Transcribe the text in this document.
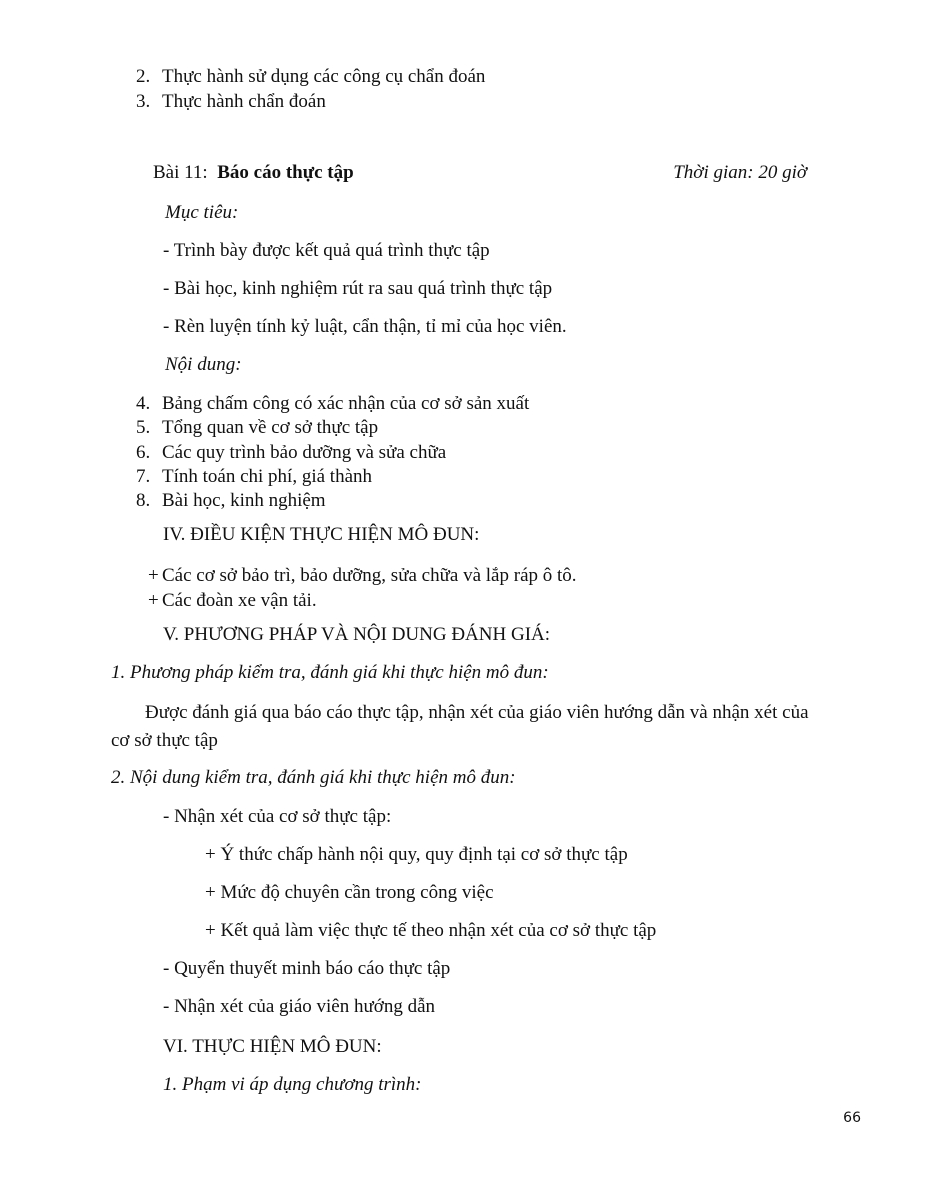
2. Thực hành sử dụng các công cụ chẩn đoán
3. Thực hành chẩn đoán
Bài 11: Báo cáo thực tập	Thời gian: 20 giờ
Mục tiêu:
- Trình bày được kết quả quá trình thực tập
- Bài học, kinh nghiệm rút ra sau quá trình thực tập
- Rèn luyện tính kỷ luật, cẩn thận, tỉ mỉ của học viên.
Nội dung:
4. Bảng chấm công có xác nhận của cơ sở sản xuất
5. Tổng quan về cơ sở thực tập
6. Các quy trình bảo dưỡng và sửa chữa
7. Tính toán chi phí, giá thành
8. Bài học, kinh nghiệm
IV. ĐIỀU KIỆN THỰC HIỆN MÔ ĐUN:
+ Các cơ sở bảo trì, bảo dưỡng, sửa chữa và lắp ráp ô tô.
+ Các đoàn xe vận tải.
V. PHƯƠNG PHÁP VÀ NỘI DUNG ĐÁNH GIÁ:
1. Phương pháp kiểm tra, đánh giá khi thực hiện mô đun:
Được đánh giá qua báo cáo thực tập, nhận xét của giáo viên hướng dẫn và nhận xét của
cơ sở thực tập
2. Nội dung kiểm tra, đánh giá khi thực hiện mô đun:
- Nhận xét của cơ sở thực tập:
+ Ý thức chấp hành nội quy, quy định tại cơ sở thực tập
+ Mức độ chuyên cần trong công việc
+ Kết quả làm việc thực tế theo nhận xét của cơ sở thực tập
- Quyển thuyết minh báo cáo thực tập
- Nhận xét của giáo viên hướng dẫn
VI. THỰC HIỆN MÔ ĐUN:
1. Phạm vi áp dụng chương trình:
66
